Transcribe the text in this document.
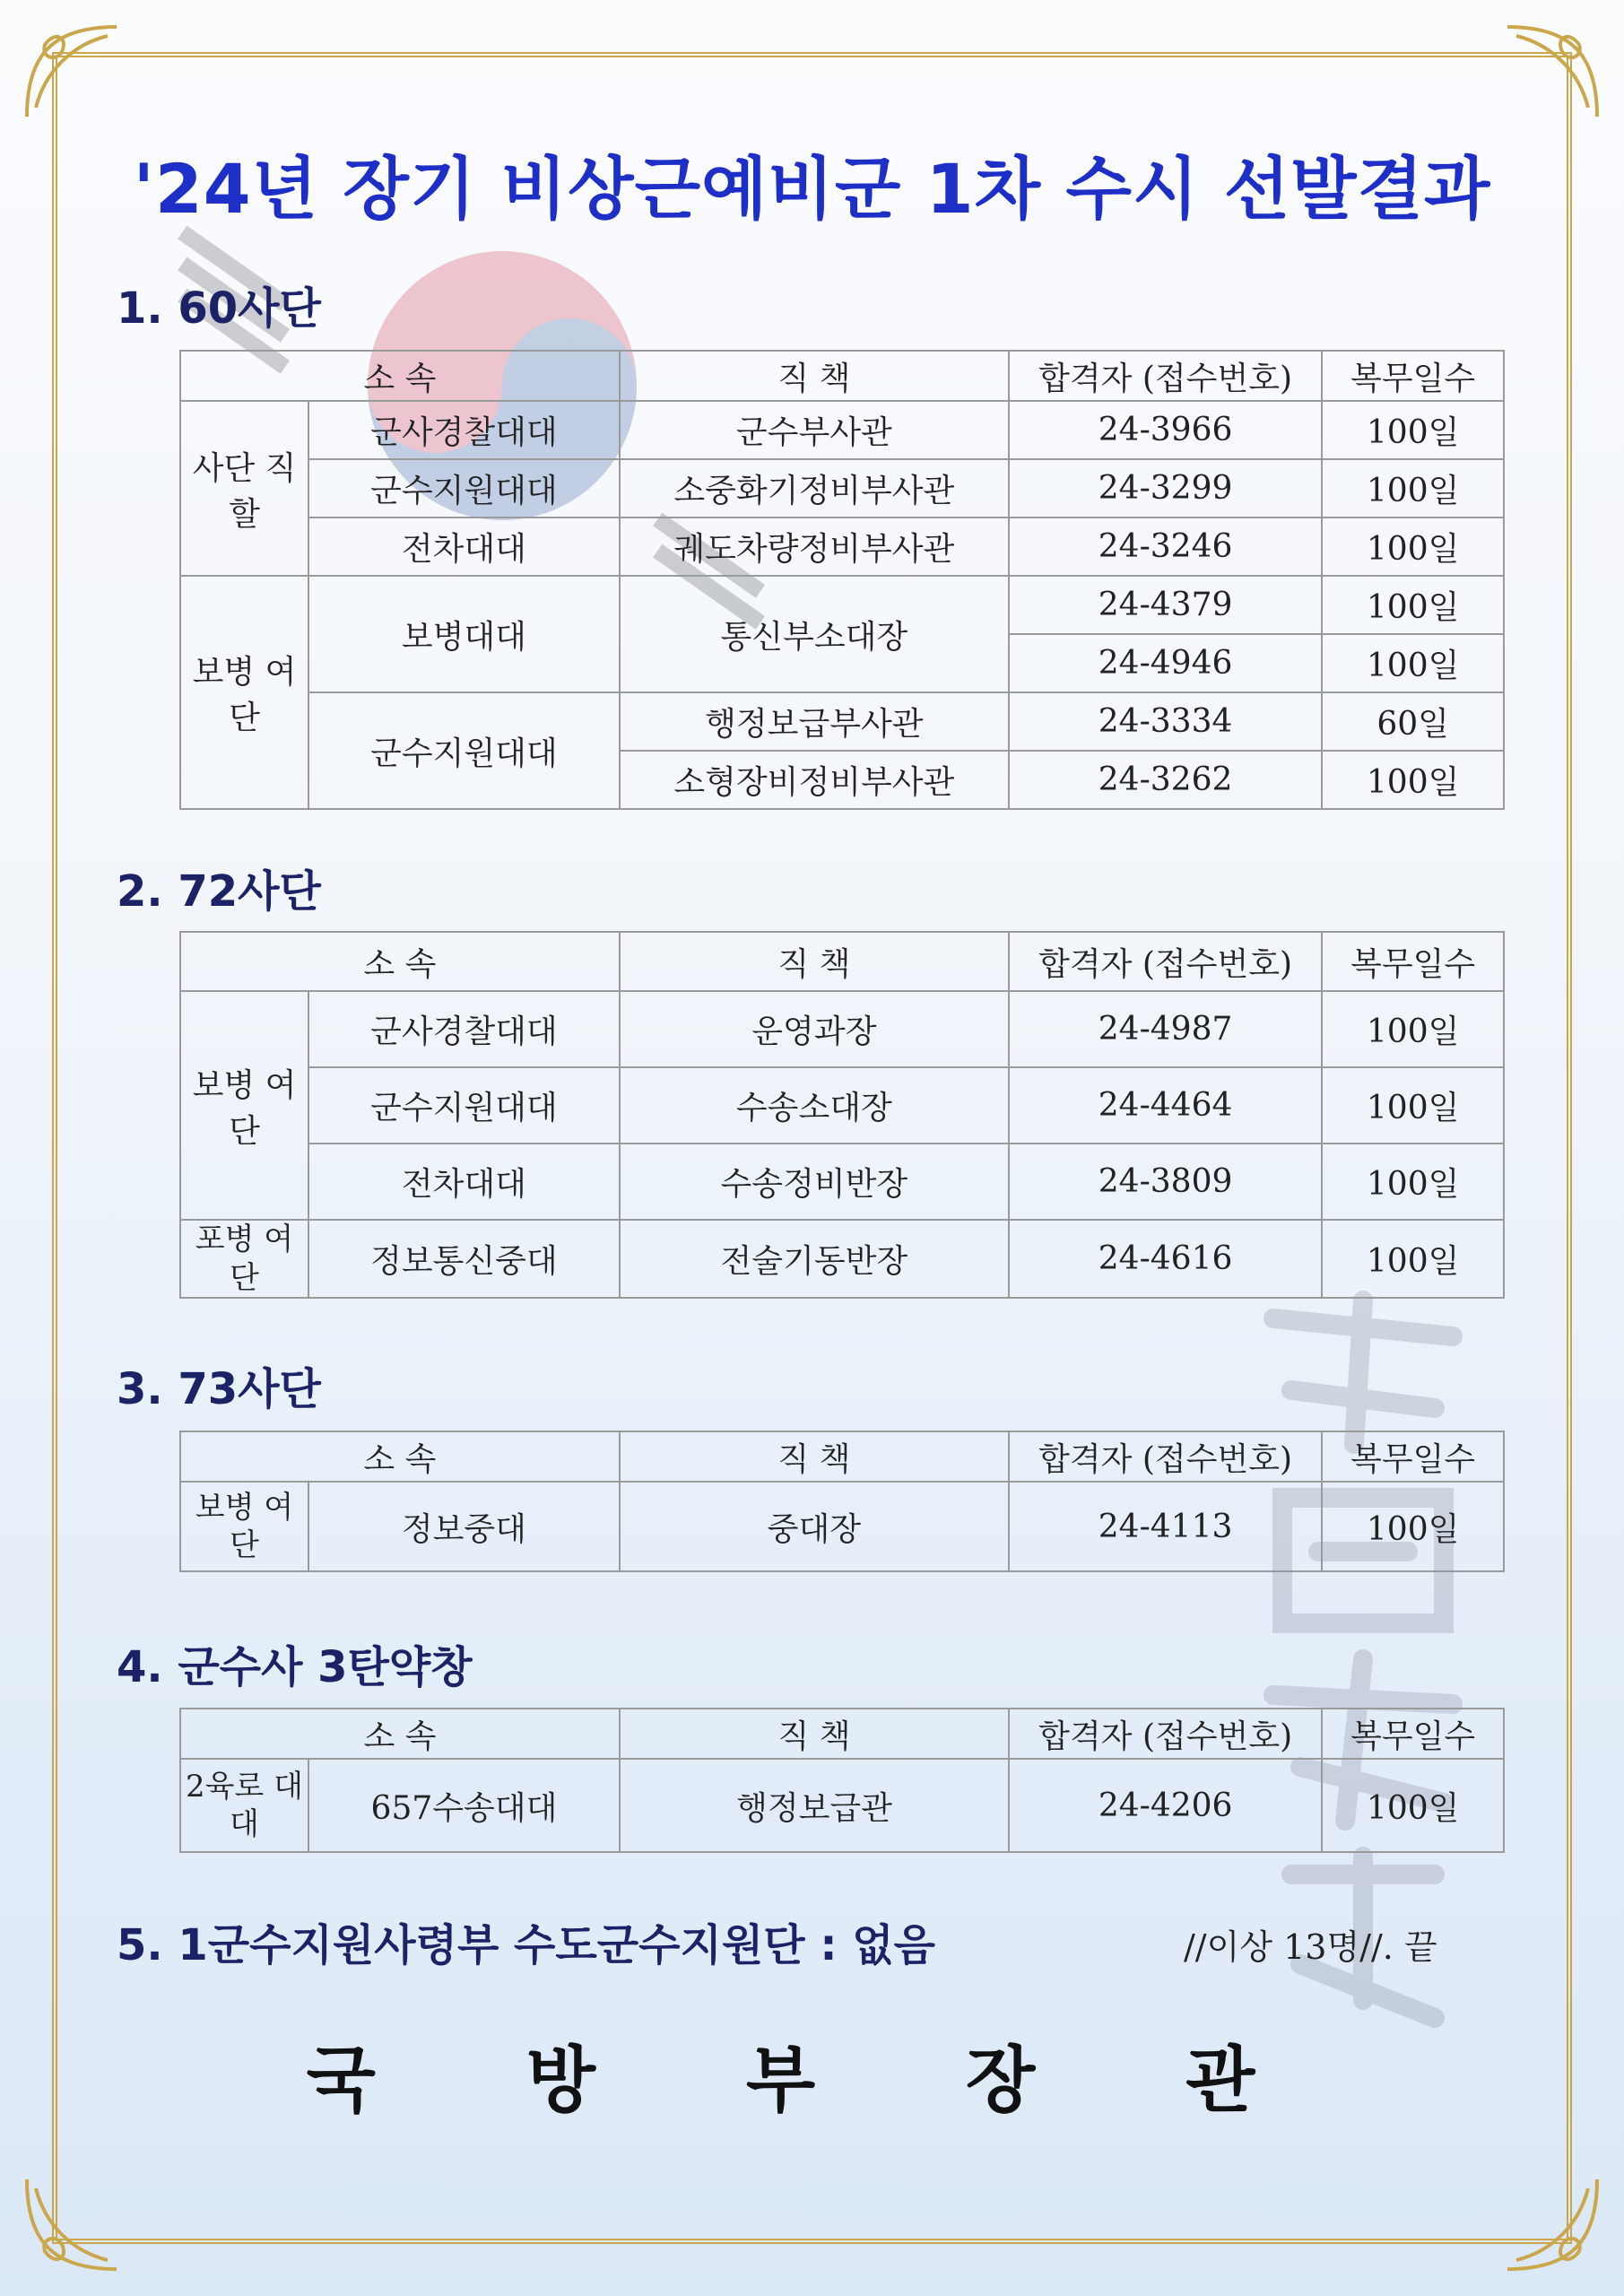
'24년 장기 비상근예비군 1차 수시 선발결과
1. 60사단
소 속		직 책	합격자 (접수번호)	복무일수
사단 직할	군사경찰대대	군수부사관	24-3966	100일
	군수지원대대	소중화기정비부사관	24-3299	100일
	전차대대	궤도차량정비부사관	24-3246	100일
보병 여단	보병대대	통신부소대장	24-4379	100일
			24-4946	100일
	군수지원대대	행정보급부사관	24-3334	60일
		소형장비정비부사관	24-3262	100일
2. 72사단
소 속		직 책	합격자 (접수번호)	복무일수
보병 여단	군사경찰대대	운영과장	24-4987	100일
	군수지원대대	수송소대장	24-4464	100일
	전차대대	수송정비반장	24-3809	100일
포병 여단	정보통신중대	전술기동반장	24-4616	100일
3. 73사단
소 속		직 책	합격자 (접수번호)	복무일수
보병 여단	정보중대	중대장	24-4113	100일
4. 군수사 3탄약창
소 속		직 책	합격자 (접수번호)	복무일수
2육로 대대	657수송대대	행정보급관	24-4206	100일
5. 1군수지원사령부 수도군수지원단 : 없음	//이상 13명//. 끝
국 방 부 장 관
